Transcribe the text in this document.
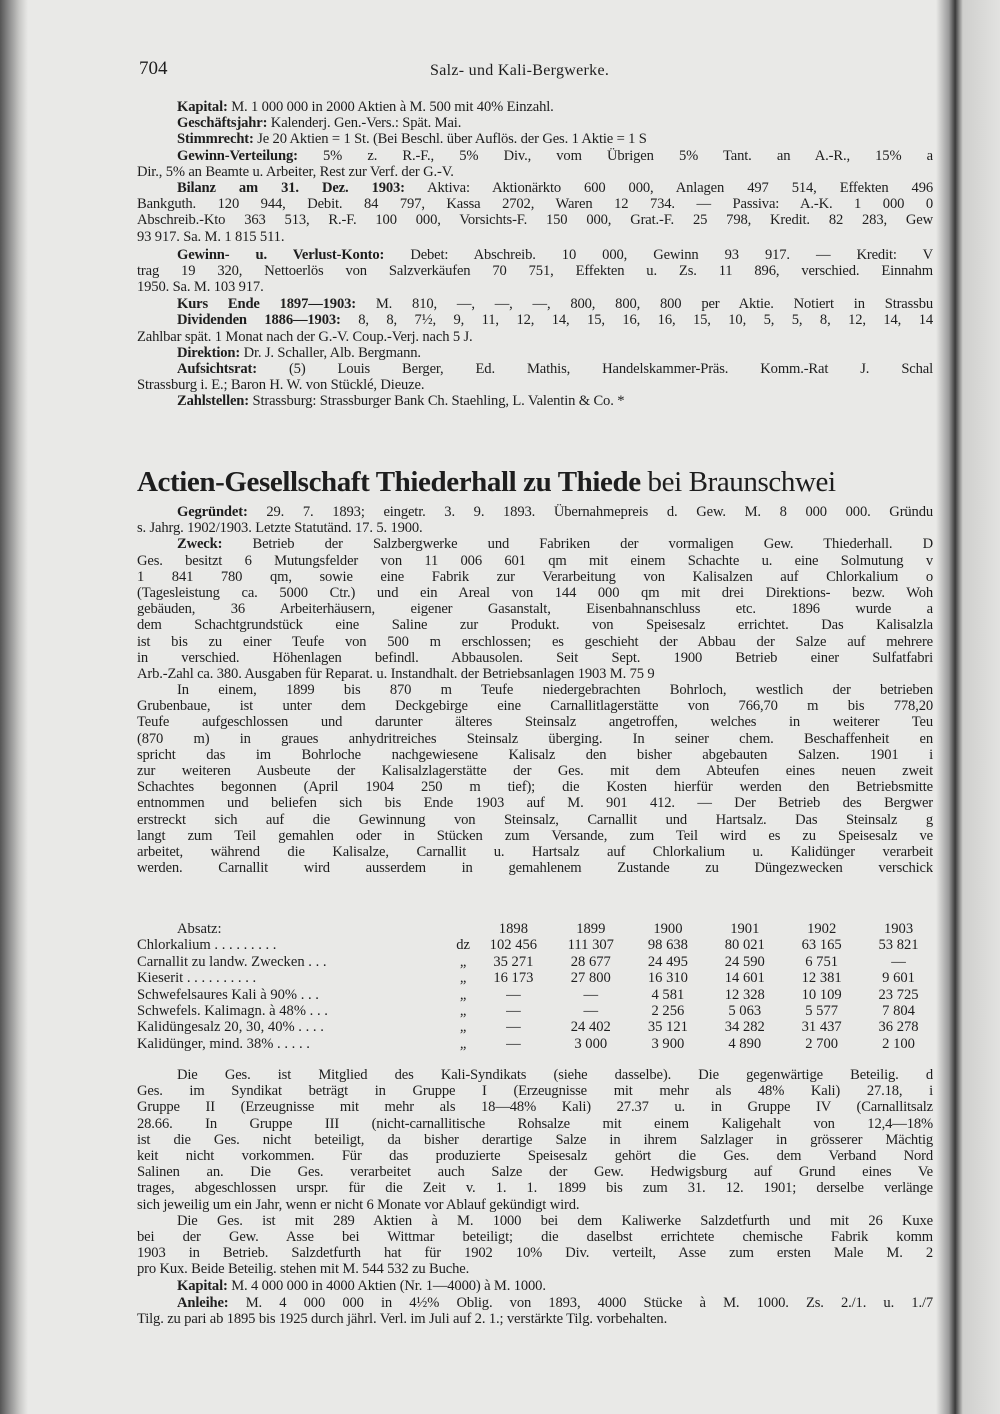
704	Salz- und Kali-Bergwerke.
Kapital: M. 1 000 000 in 2000 Aktien à M. 500 mit 40% Einzahl.
Geschäftsjahr: Kalenderj. Gen.-Vers.: Spät. Mai.
Stimmrecht: Je 20 Aktien = 1 St. (Bei Beschl. über Auflös. der Ges. 1 Aktie = 1 S
Gewinn-Verteilung: 5% z. R.-F., 5% Div., vom Übrigen 5% Tant. an A.-R., 15% a
Dir., 5% an Beamte u. Arbeiter, Rest zur Verf. der G.-V.
Bilanz am 31. Dez. 1903: Aktiva: Aktionärkto 600 000, Anlagen 497 514, Effekten 496
Bankguth. 120 944, Debit. 84 797, Kassa 2702, Waren 12 734. — Passiva: A.-K. 1 000 0
Abschreib.-Kto 363 513, R.-F. 100 000, Vorsichts-F. 150 000, Grat.-F. 25 798, Kredit. 82 283, Gew
93 917. Sa. M. 1 815 511.
Gewinn- u. Verlust-Konto: Debet: Abschreib. 10 000, Gewinn 93 917. — Kredit: V
trag 19 320, Nettoerlös von Salzverkäufen 70 751, Effekten u. Zs. 11 896, verschied. Einnahm
1950. Sa. M. 103 917.
Kurs Ende 1897—1903: M. 810, —, —, —, 800, 800, 800 per Aktie. Notiert in Strassbu
Dividenden 1886—1903: 8, 8, 7½, 9, 11, 12, 14, 15, 16, 16, 15, 10, 5, 5, 8, 12, 14, 14
Zahlbar spät. 1 Monat nach der G.-V. Coup.-Verj. nach 5 J.
Direktion: Dr. J. Schaller, Alb. Bergmann.
Aufsichtsrat: (5) Louis Berger, Ed. Mathis, Handelskammer-Präs. Komm.-Rat J. Schal
Strassburg i. E.; Baron H. W. von Stücklé, Dieuze.
Zahlstellen: Strassburg: Strassburger Bank Ch. Staehling, L. Valentin & Co. *
Actien-Gesellschaft Thiederhall zu Thiede bei Braunschwei
Gegründet: 29. 7. 1893; eingetr. 3. 9. 1893. Übernahmepreis d. Gew. M. 8 000 000. Gründu
s. Jahrg. 1902/1903. Letzte Statutänd. 17. 5. 1900.
Zweck: Betrieb der Salzbergwerke und Fabriken der vormaligen Gew. Thiederhall. D
Ges. besitzt 6 Mutungsfelder von 11 006 601 qm mit einem Schachte u. eine Solmutung v
1 841 780 qm, sowie eine Fabrik zur Verarbeitung von Kalisalzen auf Chlorkalium o
(Tagesleistung ca. 5000 Ctr.) und ein Areal von 144 000 qm mit drei Direktions- bezw. Woh
gebäuden, 36 Arbeiterhäusern, eigener Gasanstalt, Eisenbahnanschluss etc. 1896 wurde a
dem Schachtgrundstück eine Saline zur Produkt. von Speisesalz errichtet. Das Kalisalzla
ist bis zu einer Teufe von 500 m erschlossen; es geschieht der Abbau der Salze auf mehrere
in verschied. Höhenlagen befindl. Abbausolen. Seit Sept. 1900 Betrieb einer Sulfatfabri
Arb.-Zahl ca. 380. Ausgaben für Reparat. u. Instandhalt. der Betriebsanlagen 1903 M. 75 9
In einem, 1899 bis 870 m Teufe niedergebrachten Bohrloch, westlich der betrieben
Grubenbaue, ist unter dem Deckgebirge eine Carnallitlagerstätte von 766,70 m bis 778,20
Teufe aufgeschlossen und darunter älteres Steinsalz angetroffen, welches in weiterer Teu
(870 m) in graues anhydritreiches Steinsalz überging. In seiner chem. Beschaffenheit en
spricht das im Bohrloche nachgewiesene Kalisalz den bisher abgebauten Salzen. 1901 i
zur weiteren Ausbeute der Kalisalzlagerstätte der Ges. mit dem Abteufen eines neuen zweit
Schachtes begonnen (April 1904 250 m tief); die Kosten hierfür werden den Betriebsmitte
entnommen und beliefen sich bis Ende 1903 auf M. 901 412. — Der Betrieb des Bergwer
erstreckt sich auf die Gewinnung von Steinsalz, Carnallit und Hartsalz. Das Steinsalz g
langt zum Teil gemahlen oder in Stücken zum Versande, zum Teil wird es zu Speisesalz ve
arbeitet, während die Kalisalze, Carnallit u. Hartsalz auf Chlorkalium u. Kalidünger verarbeit
werden. Carnallit wird ausserdem in gemahlenem Zustande zu Düngezwecken verschick
Absatz:		1898	1899	1900	1901	1902	1903
Chlorkalium . . . . . . . . .	dz	102 456	111 307	98 638	80 021	63 165	53 821
Carnallit zu landw. Zwecken . . .	„	35 271	28 677	24 495	24 590	6 751	—
Kieserit . . . . . . . . . .	„	16 173	27 800	16 310	14 601	12 381	9 601
Schwefelsaures Kali à 90% . . .	„	—	—	4 581	12 328	10 109	23 725
Schwefels. Kalimagn. à 48% . . .	„	—	—	2 256	5 063	5 577	7 804
Kalidüngesalz 20, 30, 40% . . . .	„	—	24 402	35 121	34 282	31 437	36 278
Kalidünger, mind. 38% . . . . .	„	—	3 000	3 900	4 890	2 700	2 100
Die Ges. ist Mitglied des Kali-Syndikats (siehe dasselbe). Die gegenwärtige Beteilig. d
Ges. im Syndikat beträgt in Gruppe I (Erzeugnisse mit mehr als 48% Kali) 27.18, i
Gruppe II (Erzeugnisse mit mehr als 18—48% Kali) 27.37 u. in Gruppe IV (Carnallitsalz
28.66. In Gruppe III (nicht-carnallitische Rohsalze mit einem Kaligehalt von 12,4—18%
ist die Ges. nicht beteiligt, da bisher derartige Salze in ihrem Salzlager in grösserer Mächtig
keit nicht vorkommen. Für das produzierte Speisesalz gehört die Ges. dem Verband Nord
Salinen an. Die Ges. verarbeitet auch Salze der Gew. Hedwigsburg auf Grund eines Ve
trages, abgeschlossen urspr. für die Zeit v. 1. 1. 1899 bis zum 31. 12. 1901; derselbe verlänge
sich jeweilig um ein Jahr, wenn er nicht 6 Monate vor Ablauf gekündigt wird.
Die Ges. ist mit 289 Aktien à M. 1000 bei dem Kaliwerke Salzdetfurth und mit 26 Kuxe
bei der Gew. Asse bei Wittmar beteiligt; die daselbst errichtete chemische Fabrik komm
1903 in Betrieb. Salzdetfurth hat für 1902 10% Div. verteilt, Asse zum ersten Male M. 2
pro Kux. Beide Beteilig. stehen mit M. 544 532 zu Buche.
Kapital: M. 4 000 000 in 4000 Aktien (Nr. 1—4000) à M. 1000.
Anleihe: M. 4 000 000 in 4½% Oblig. von 1893, 4000 Stücke à M. 1000. Zs. 2./1. u. 1./7
Tilg. zu pari ab 1895 bis 1925 durch jährl. Verl. im Juli auf 2. 1.; verstärkte Tilg. vorbehalten.
